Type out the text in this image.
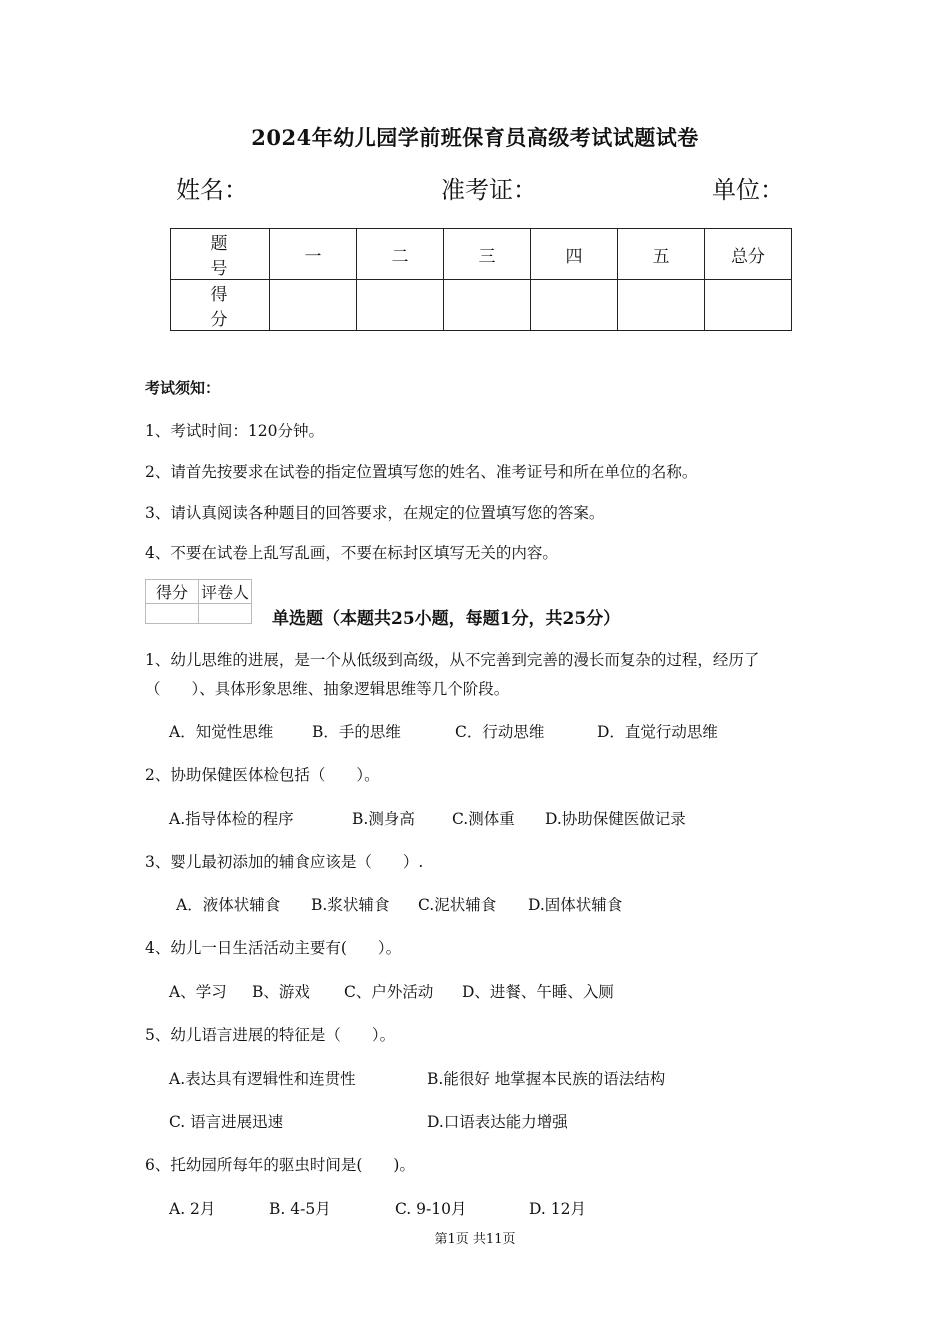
2024年幼儿园学前班保育员高级考试试题试卷
姓名：	准考证：	单位：
题　号	一	二	三	四	五	总分
得　分						
考试须知：
1、考试时间：120分钟。
2、请首先按要求在试卷的指定位置填写您的姓名、准考证号和所在单位的名称。
3、请认真阅读各种题目的回答要求，在规定的位置填写您的答案。
4、不要在试卷上乱写乱画，不要在标封区填写无关的内容。
得分	评卷人

单选题（本题共25小题，每题1分，共25分）
1、幼儿思维的进展，是一个从低级到高级，从不完善到完善的漫长而复杂的过程，经历了
（　　）、具体形象思维、抽象逻辑思维等几个阶段。
A．知觉性思维	B．手的思维	C．行动思维	D．直觉行动思维
2、协助保健医体检包括（　　）。
A.指导体检的程序	B.测身高 C.测体重 D.协助保健医做记录
3、婴儿最初添加的辅食应该是（　　）.
A．液体状辅食 B.浆状辅食 C.泥状辅食 D.固体状辅食
4、幼儿一日生活活动主要有(　　）。
A、学习 B、游戏 C、户外活动 D、进餐、午睡、入厕
5、幼儿语言进展的特征是（　　）。
A.表达具有逻辑性和连贯性	B.能很好 地掌握本民族的语法结构
C. 语言进展迅速	D.口语表达能力增强
6、托幼园所每年的驱虫时间是(　　)。
A. 2月	B. 4-5月	C. 9-10月	D. 12月
第1页 共11页
